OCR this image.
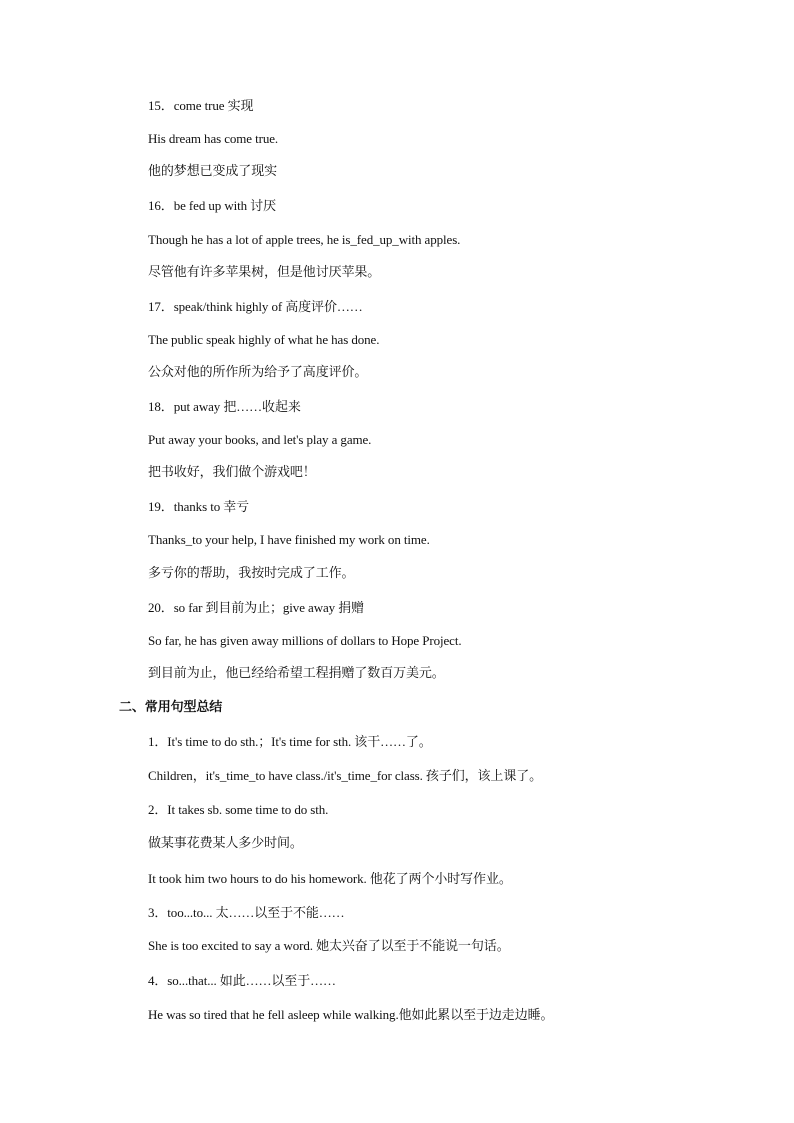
15．come true 实现
His dream has come true.
他的梦想已变成了现实
16．be fed up with 讨厌
Though he has a lot of apple trees, he is_fed_up_with apples.
尽管他有许多苹果树，但是他讨厌苹果。
17．speak/think highly of 高度评价……
The public speak highly of what he has done.
公众对他的所作所为给予了高度评价。
18．put away 把……收起来
Put away your books, and let's play a game.
把书收好，我们做个游戏吧！
19．thanks to 幸亏
Thanks_to your help, I have finished my work on time.
多亏你的帮助，我按时完成了工作。
20．so far 到目前为止；give away 捐赠
So far, he has given away millions of dollars to Hope Project.
到目前为止，他已经给希望工程捐赠了数百万美元。
二、常用句型总结
1．It's time to do sth.；It's time for sth. 该干……了。
Children，it's_time_to have class./it's_time_for class. 孩子们，该上课了。
2．It takes sb. some time to do sth.
做某事花费某人多少时间。
It took him two hours to do his homework. 他花了两个小时写作业。
3．too...to... 太……以至于不能……
She is too excited to say a word. 她太兴奋了以至于不能说一句话。
4．so...that... 如此……以至于……
He was so tired that he fell asleep while walking.他如此累以至于边走边睡。
